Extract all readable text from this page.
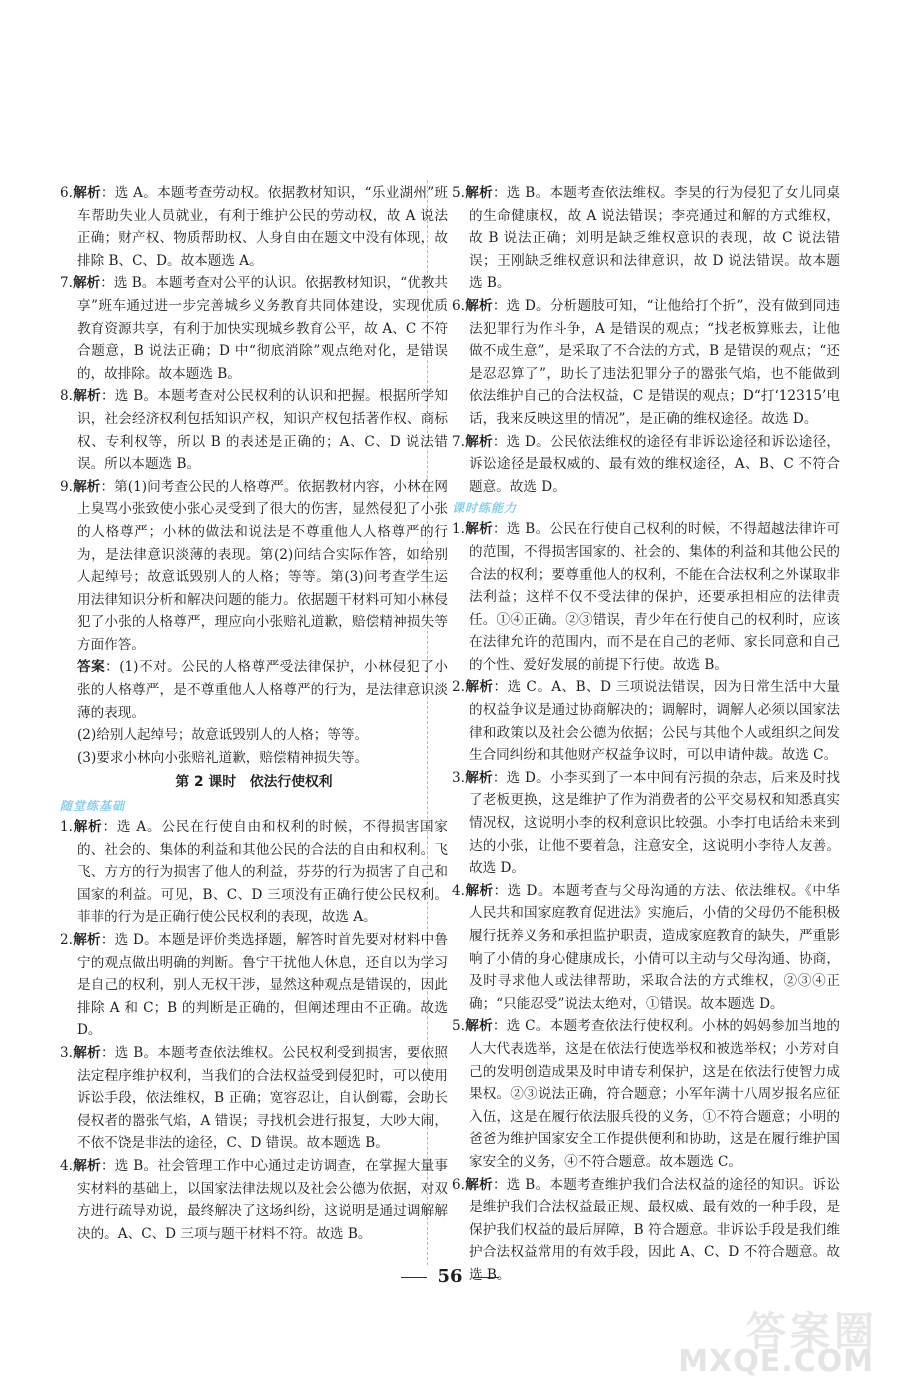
6.解析：选 A。本题考查劳动权。依据教材知识，“乐业湖州”班车帮助失业人员就业，有利于维护公民的劳动权，故 A 说法正确；财产权、物质帮助权、人身自由在题文中没有体现，故排除 B、C、D。故本题选 A。

7.解析：选 B。本题考查对公平的认识。依据教材知识，“优教共享”班车通过进一步完善城乡义务教育共同体建设，实现优质教育资源共享，有利于加快实现城乡教育公平，故 A、C 不符合题意，B 说法正确；D 中“彻底消除”观点绝对化，是错误的，故排除。故本题选 B。

8.解析：选 B。本题考查对公民权利的认识和把握。根据所学知识，社会经济权利包括知识产权，知识产权包括著作权、商标权、专利权等，所以 B 的表述是正确的；A、C、D 说法错误。所以本题选 B。

9.解析：第(1)问考查公民的人格尊严。依据教材内容，小林在网上臭骂小张致使小张心灵受到了很大的伤害，显然侵犯了小张的人格尊严；小林的做法和说法是不尊重他人人格尊严的行为，是法律意识淡薄的表现。第(2)问结合实际作答，如给别人起绰号；故意诋毁别人的人格；等等。第(3)问考查学生运用法律知识分析和解决问题的能力。依据题干材料可知小林侵犯了小张的人格尊严，理应向小张赔礼道歉，赔偿精神损失等方面作答。

答案：(1)不对。公民的人格尊严受法律保护，小林侵犯了小张的人格尊严，是不尊重他人人格尊严的行为，是法律意识淡薄的表现。

(2)给别人起绰号；故意诋毁别人的人格；等等。

(3)要求小林向小张赔礼道歉，赔偿精神损失等。

第 2 课时　依法行使权利

随堂练基础

1.解析：选 A。公民在行使自由和权利的时候，不得损害国家的、社会的、集体的利益和其他公民的合法的自由和权利。飞飞、方方的行为损害了他人的利益，芬芬的行为损害了自己和国家的利益。可见，B、C、D 三项没有正确行使公民权利。菲菲的行为是正确行使公民权利的表现，故选 A。

2.解析：选 D。本题是评价类选择题，解答时首先要对材料中鲁宁的观点做出明确的判断。鲁宁干扰他人休息，还自以为学习是自己的权利，别人无权干涉，显然这种观点是错误的，因此排除 A 和 C；B 的判断是正确的，但阐述理由不正确。故选 D。

3.解析：选 B。本题考查依法维权。公民权利受到损害，要依照法定程序维护权利，当我们的合法权益受到侵犯时，可以使用诉讼手段，依法维权，B 正确；宽容忍让，自认倒霉，会助长侵权者的嚣张气焰，A 错误；寻找机会进行报复，大吵大闹，不依不饶是非法的途径，C、D 错误。故本题选 B。

4.解析：选 B。社会管理工作中心通过走访调查，在掌握大量事实材料的基础上，以国家法律法规以及社会公德为依据，对双方进行疏导劝说，最终解决了这场纠纷，这说明是通过调解解决的。A、C、D 三项与题干材料不符。故选 B。

5.解析：选 B。本题考查依法维权。李昊的行为侵犯了女儿同桌的生命健康权，故 A 说法错误；李亮通过和解的方式维权，故 B 说法正确；刘明是缺乏维权意识的表现，故 C 说法错误；王刚缺乏维权意识和法律意识，故 D 说法错误。故本题选 B。

6.解析：选 D。分析题肢可知，“让他给打个折”，没有做到同违法犯罪行为作斗争，A 是错误的观点；“找老板算账去，让他做不成生意”，是采取了不合法的方式，B 是错误的观点；“还是忍忍算了”，助长了违法犯罪分子的嚣张气焰，也不能做到依法维护自己的合法权益，C 是错误的观点；D“打‘12315’电话，我来反映这里的情况”，是正确的维权途径。故选 D。

7.解析：选 D。公民依法维权的途径有非诉讼途径和诉讼途径，诉讼途径是最权威的、最有效的维权途径，A、B、C 不符合题意。故选 D。

课时练能力

1.解析：选 B。公民在行使自己权利的时候，不得超越法律许可的范围，不得损害国家的、社会的、集体的利益和其他公民的合法的权利；要尊重他人的权利，不能在合法权利之外谋取非法利益；这样不仅不受法律的保护，还要承担相应的法律责任。①④正确。②③错误，青少年在行使自己的权利时，应该在法律允许的范围内，而不是在自己的老师、家长同意和自己的个性、爱好发展的前提下行使。故选 B。

2.解析：选 C。A、B、D 三项说法错误，因为日常生活中大量的权益争议是通过协商解决的；调解时，调解人必须以国家法律和政策以及社会公德为依据；公民与其他个人或组织之间发生合同纠纷和其他财产权益争议时，可以申请仲裁。故选 C。

3.解析：选 D。小李买到了一本中间有污损的杂志，后来及时找了老板更换，这是维护了作为消费者的公平交易权和知悉真实情况权，这说明小李的权利意识比较强。小李打电话给未来到达的小张，让他不要着急，注意安全，这说明小李待人友善。故选 D。

4.解析：选 D。本题考查与父母沟通的方法、依法维权。《中华人民共和国家庭教育促进法》实施后，小倩的父母仍不能积极履行抚养义务和承担监护职责，造成家庭教育的缺失，严重影响了小倩的身心健康成长，小倩可以主动与父母沟通、协商，及时寻求他人或法律帮助，采取合法的方式维权，②③④正确；“只能忍受”说法太绝对，①错误。故本题选 D。

5.解析：选 C。本题考查依法行使权利。小林的妈妈参加当地的人大代表选举，这是在依法行使选举权和被选举权；小芳对自己的发明创造成果及时申请专利保护，这是在依法行使智力成果权。②③说法正确，符合题意；小军年满十八周岁报名应征入伍，这是在履行依法服兵役的义务，①不符合题意；小明的爸爸为维护国家安全工作提供便利和协助，这是在履行维护国家安全的义务，④不符合题意。故本题选 C。

6.解析：选 B。本题考查维护我们合法权益的途径的知识。诉讼是维护我们合法权益最正规、最权威、最有效的一种手段，是保护我们权益的最后屏障，B 符合题意。非诉讼手段是我们维护合法权益常用的有效手段，因此 A、C、D 不符合题意。故选 B。

56
答案圈
MXQE.COM
